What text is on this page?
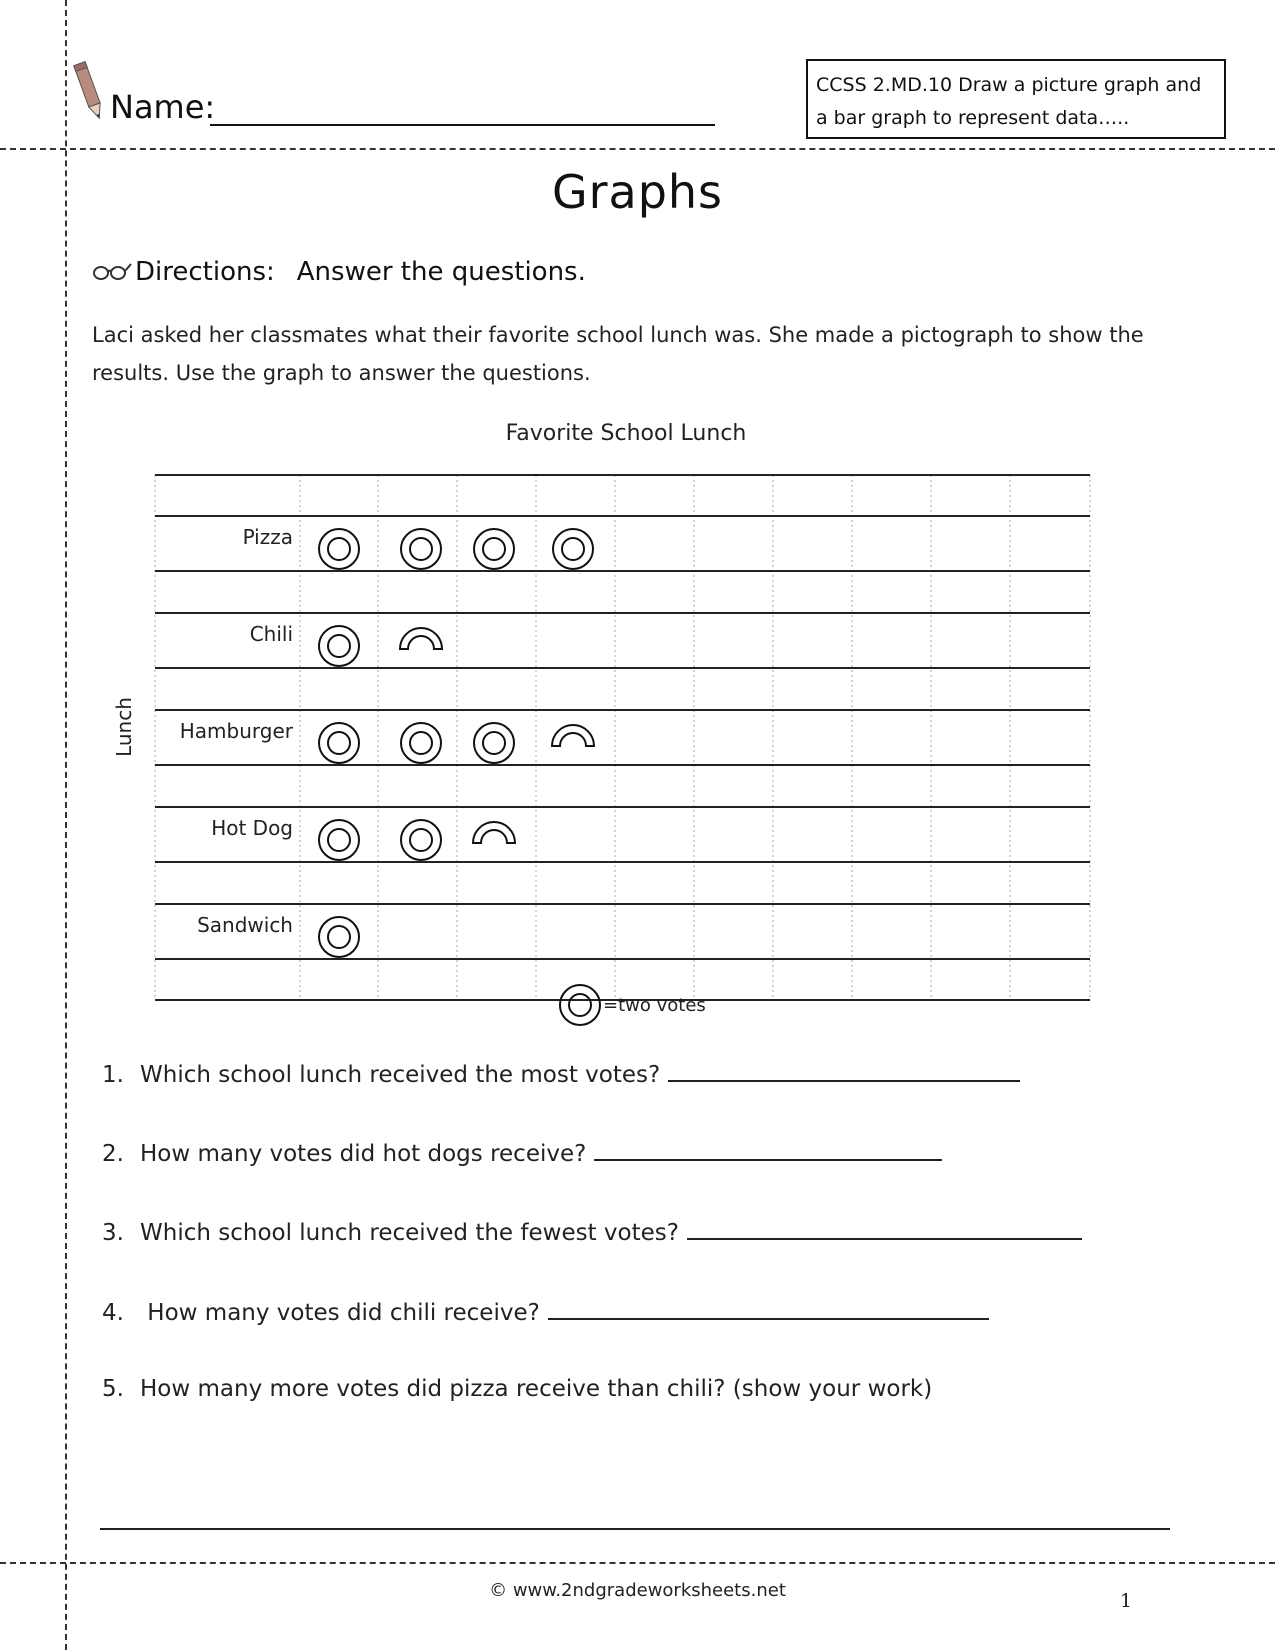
Name:
CCSS 2.MD.10 Draw a picture graph and a bar graph to represent data…..
Graphs
Directions: Answer the questions.
Laci asked her classmates what their favorite school lunch was. She made a pictograph to show the results. Use the graph to answer the questions.
Favorite School Lunch
Pizza
Chili
Hamburger
Hot Dog
Sandwich
Lunch
=two votes
1. Which school lunch received the most votes?
2. How many votes did hot dogs receive?
3. Which school lunch received the fewest votes?
4. How many votes did chili receive?
5. How many more votes did pizza receive than chili? (show your work)
© www.2ndgradeworksheets.net	1
